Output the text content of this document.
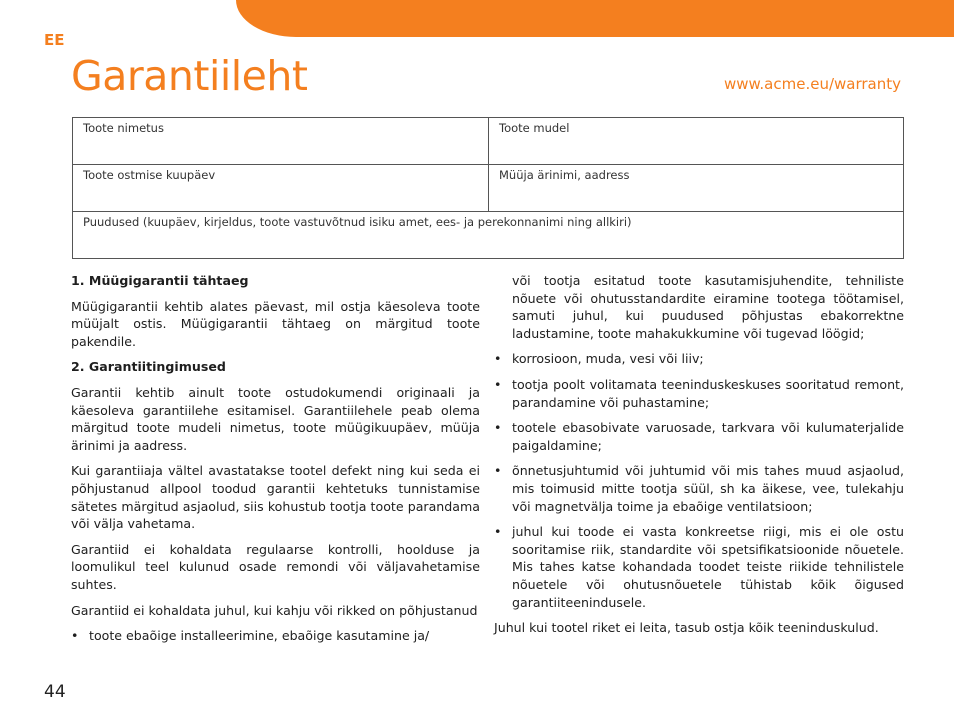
EE
Garantiileht	www.acme.eu/warranty
Toote nimetus	Toote mudel
Toote ostmise kuupäev	Müüja ärinimi, aadress
Puudused (kuupäev, kirjeldus, toote vastuvõtnud isiku amet, ees- ja perekonnanimi ning allkiri)
1. Müügigarantii tähtaeg

Müügigarantii kehtib alates päevast, mil ostja käesoleva toote müüjalt ostis. Müügigarantii tähtaeg on märgitud toote pakendile.

2. Garantiitingimused

Garantii kehtib ainult toote ostudokumendi originaali ja käesoleva garantiilehe esitamisel. Garantiilehele peab olema märgitud toote mudeli nimetus, toote müügikuupäev, müüja ärinimi ja aadress.

Kui garantiiaja vältel avastatakse tootel defekt ning kui seda ei põhjustanud allpool toodud garantii kehtetuks tunnistamise sätetes märgitud asjaolud, siis kohustub tootja toote parandama või välja vahetama.

Garantiid ei kohaldata regulaarse kontrolli, hoolduse ja loomulikul teel kulunud osade remondi või väljavahetamise suhtes.

Garantiid ei kohaldata juhul, kui kahju või rikked on põhjustanud

• toote ebaõige installeerimine, ebaõige kasutamine ja/
või tootja esitatud toote kasutamisjuhendite, tehniliste nõuete või ohutusstandardite eiramine tootega töötamisel, samuti juhul, kui puudused põhjustas ebakorrektne ladustamine, toote mahakukkumine või tugevad löögid;
• korrosioon, muda, vesi või liiv;
• tootja poolt volitamata teeninduskeskuses sooritatud remont, parandamine või puhastamine;
• tootele ebasobivate varuosade, tarkvara või kulumaterjalide paigaldamine;
• õnnetusjuhtumid või juhtumid või mis tahes muud asjaolud, mis toimusid mitte tootja süül, sh ka äikese, vee, tulekahju või magnetvälja toime ja ebaõige ventilatsioon;
• juhul kui toode ei vasta konkreetse riigi, mis ei ole ostu sooritamise riik, standardite või spetsifikatsioonide nõuetele. Mis tahes katse kohandada toodet teiste riikide tehnilistele nõuetele või ohutusnõuetele tühistab kõik õigused garantiiteenindusele.

Juhul kui tootel riket ei leita, tasub ostja kõik teeninduskulud.

44
